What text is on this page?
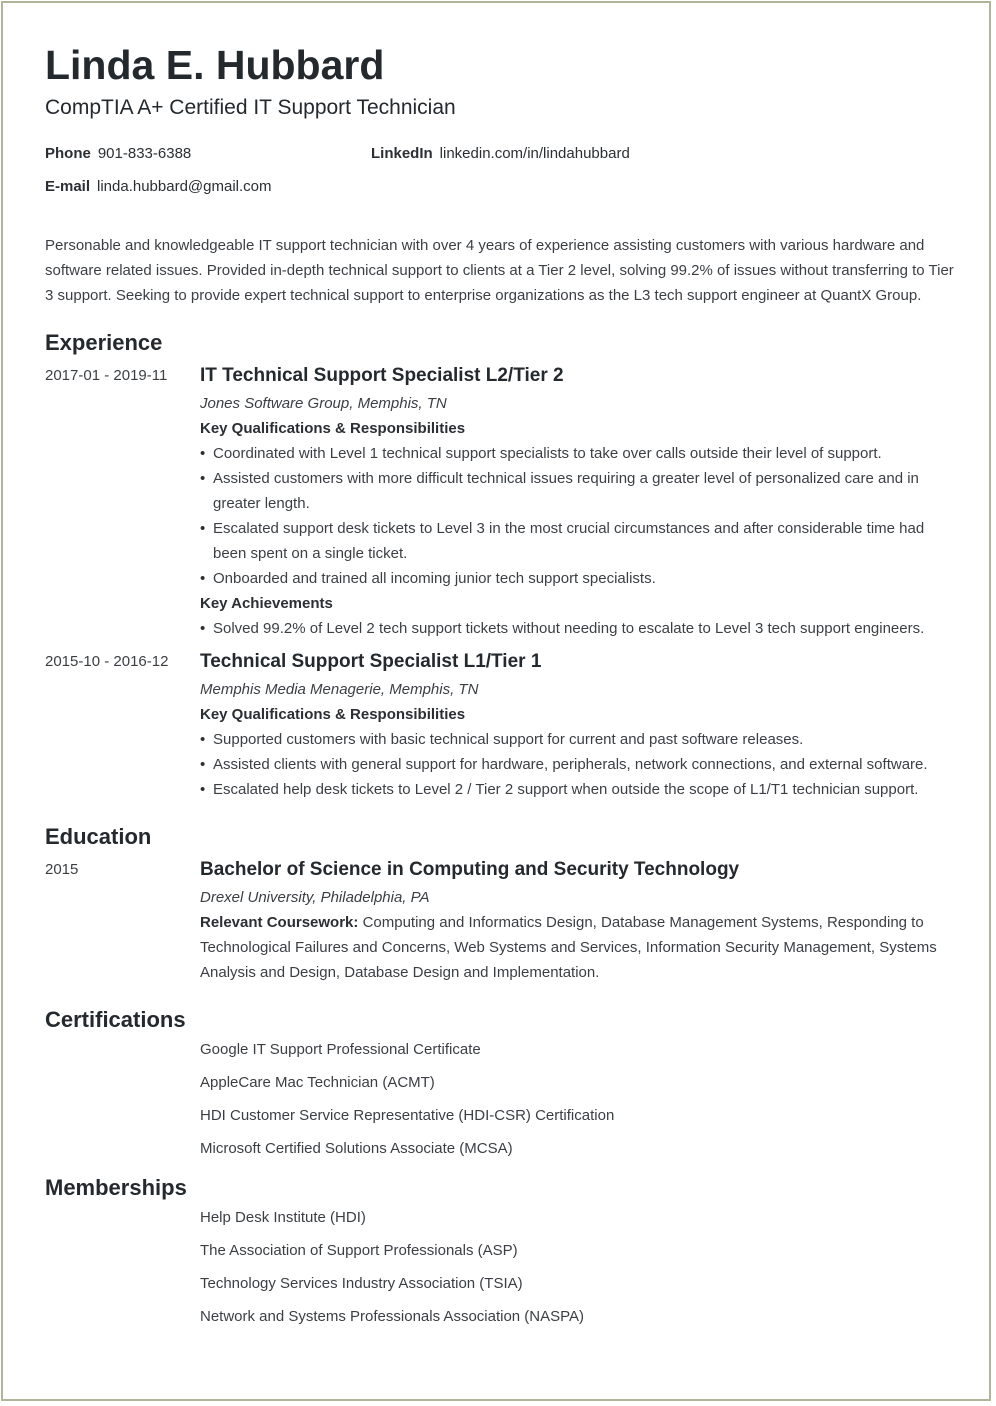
Linda E. Hubbard
CompTIA A+ Certified IT Support Technician
Phone 901-833-6388	LinkedIn linkedin.com/in/lindahubbard
E-mail linda.hubbard@gmail.com
Personable and knowledgeable IT support technician with over 4 years of experience assisting customers with various hardware and software related issues. Provided in-depth technical support to clients at a Tier 2 level, solving 99.2% of issues without transferring to Tier 3 support. Seeking to provide expert technical support to enterprise organizations as the L3 tech support engineer at QuantX Group.
Experience
2017-01 - 2019-11	IT Technical Support Specialist L2/Tier 2
Jones Software Group, Memphis, TN
Key Qualifications & Responsibilities
• Coordinated with Level 1 technical support specialists to take over calls outside their level of support.
• Assisted customers with more difficult technical issues requiring a greater level of personalized care and in greater length.
• Escalated support desk tickets to Level 3 in the most crucial circumstances and after considerable time had been spent on a single ticket.
• Onboarded and trained all incoming junior tech support specialists.
Key Achievements
• Solved 99.2% of Level 2 tech support tickets without needing to escalate to Level 3 tech support engineers.
2015-10 - 2016-12	Technical Support Specialist L1/Tier 1
Memphis Media Menagerie, Memphis, TN
Key Qualifications & Responsibilities
• Supported customers with basic technical support for current and past software releases.
• Assisted clients with general support for hardware, peripherals, network connections, and external software.
• Escalated help desk tickets to Level 2 / Tier 2 support when outside the scope of L1/T1 technician support.
Education
2015	Bachelor of Science in Computing and Security Technology
Drexel University, Philadelphia, PA
Relevant Coursework: Computing and Informatics Design, Database Management Systems, Responding to Technological Failures and Concerns, Web Systems and Services, Information Security Management, Systems Analysis and Design, Database Design and Implementation.
Certifications
Google IT Support Professional Certificate
AppleCare Mac Technician (ACMT)
HDI Customer Service Representative (HDI-CSR) Certification
Microsoft Certified Solutions Associate (MCSA)
Memberships
Help Desk Institute (HDI)
The Association of Support Professionals (ASP)
Technology Services Industry Association (TSIA)
Network and Systems Professionals Association (NASPA)
